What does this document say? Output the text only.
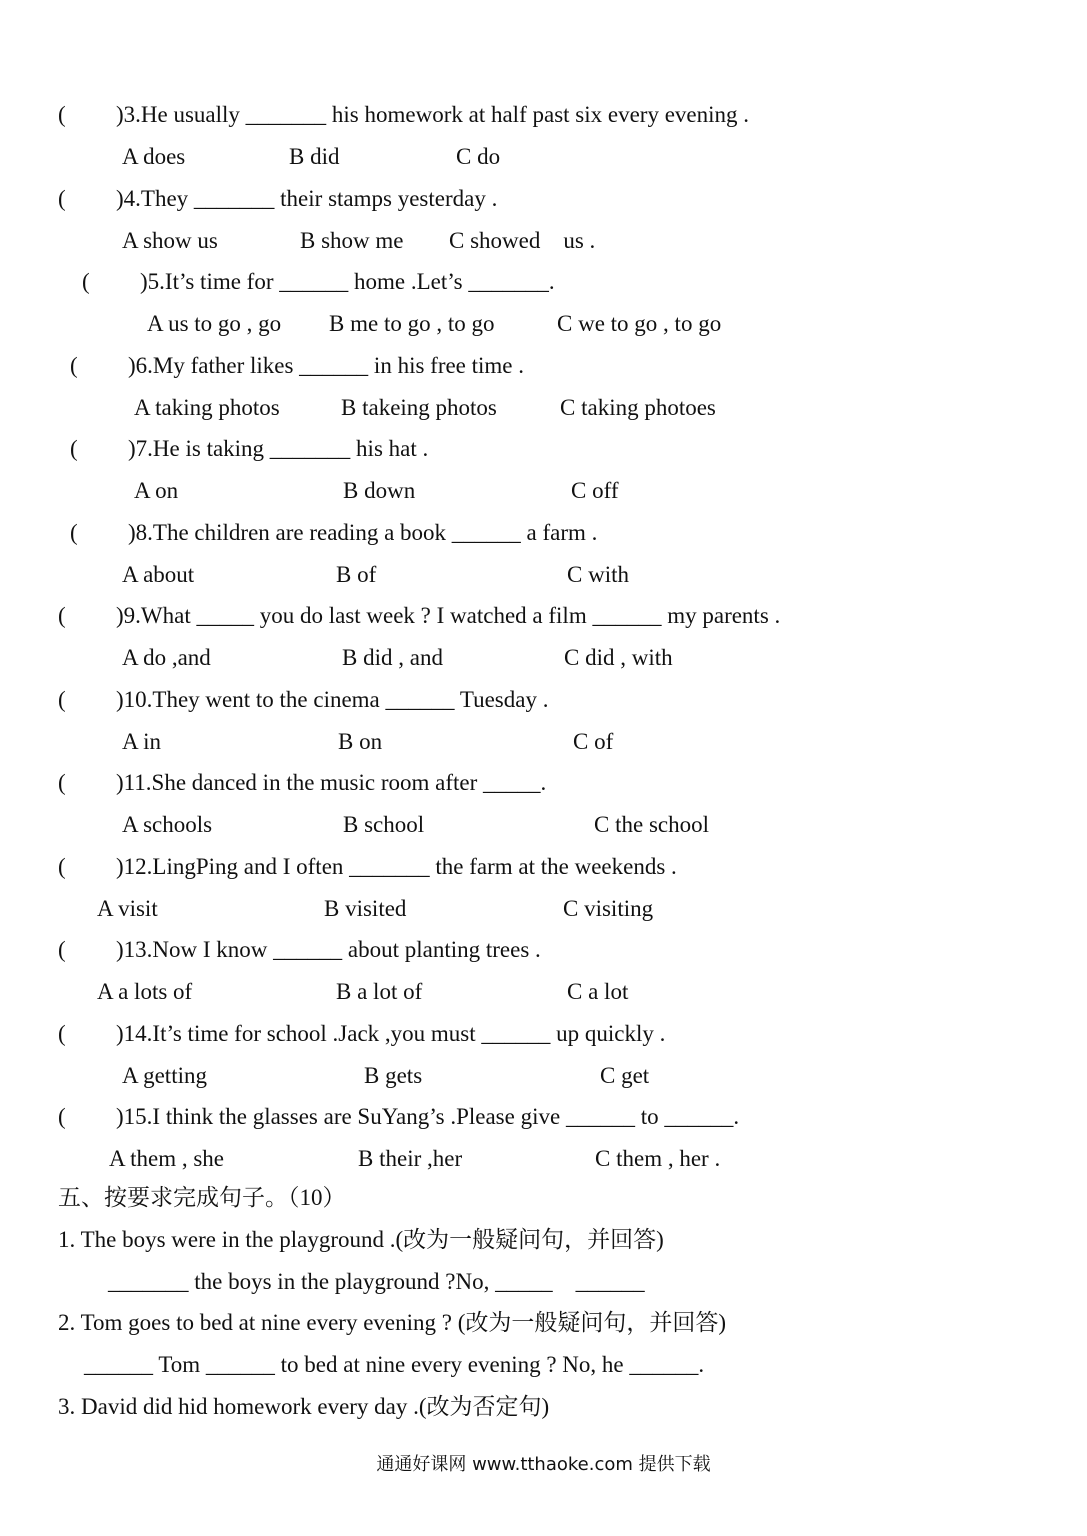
( )3.He usually _______ his homework at half past six every evening .
A does	B did	C do
( )4.They _______ their stamps yesterday .
A show us	B show me C showed    us .
( )5.It’s time for ______ home .Let’s _______.
A us to go , go B me to go , to go	C we to go , to go
( )6.My father likes ______ in his free time .
A taking photos	B takeing photos	C taking photoes
( )7.He is taking _______ his hat .
A on	B down	C off
( )8.The children are reading a book ______ a farm .
A about	B of	C with
( )9.What _____ you do last week ? I watched a film ______ my parents .
A do ,and	B did , and	C did , with
( )10.They went to the cinema ______ Tuesday .
A in	B on	C of
( )11.She danced in the music room after _____.
A schools	B school	C the school
( )12.LingPing and I often _______ the farm at the weekends .
A visit	B visited	C visiting
( )13.Now I know ______ about planting trees .
A a lots of	B a lot of	C a lot
( )14.It’s time for school .Jack ,you must ______ up quickly .
A getting	B gets	C get
( )15.I think the glasses are SuYang’s .Please give ______ to ______.
A them , she	B their ,her	C them , her .
五、按要求完成句子。（10）
1. The boys were in the playground .(改为一般疑问句，并回答)
_______ the boys in the playground ?No, _____    ______
2. Tom goes to bed at nine every evening ? (改为一般疑问句，并回答)
______ Tom ______ to bed at nine every evening ? No, he ______.
3. David did hid homework every day .(改为否定句)
通通好课网 www.tthaoke.com 提供下载
